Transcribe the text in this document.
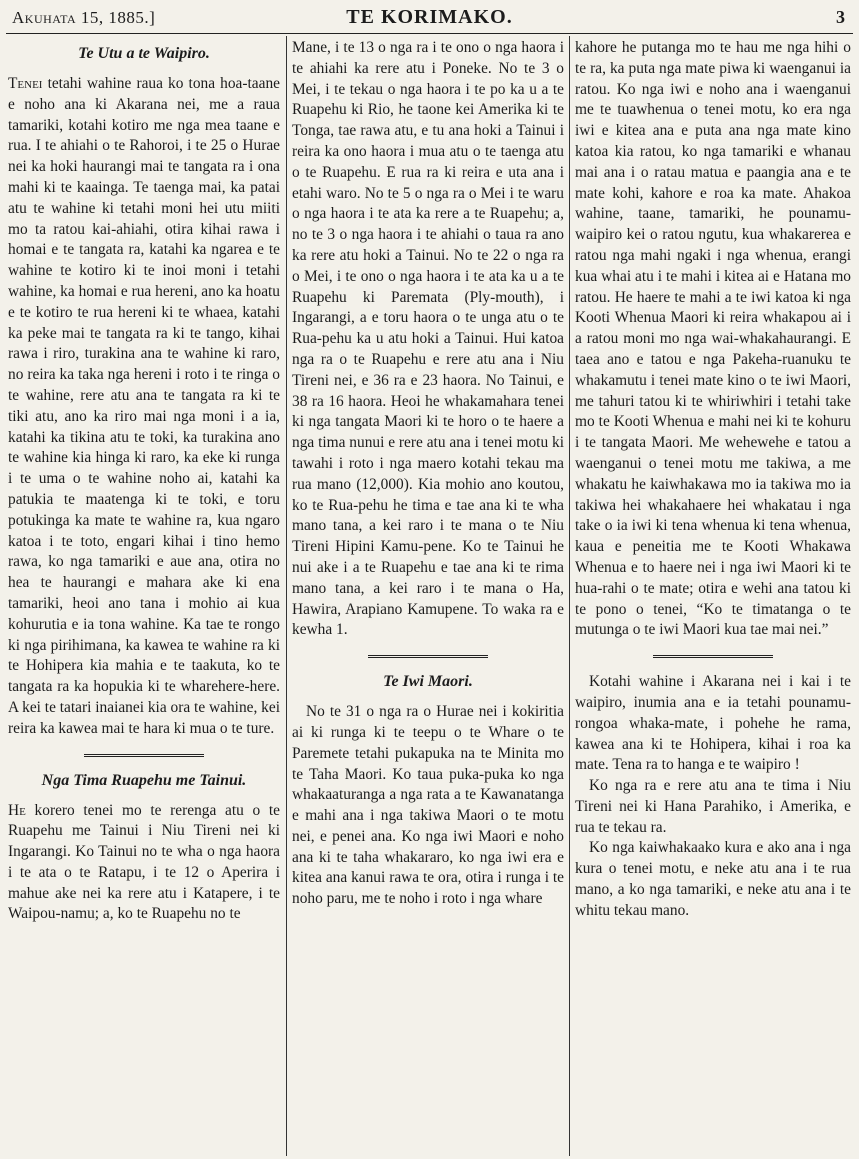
Akuhata 15, 1885.]	TE KORIMAKO.	3
Te Utu a te Waipiro.

Tenei tetahi wahine raua ko tona hoa-taane e noho ana ki Akarana nei, me a raua tamariki, kotahi kotiro me nga mea taane e rua. I te ahiahi o te Rahoroi, i te 25 o Hurae nei ka hoki haurangi mai te tangata ra i ona mahi ki te kaainga. Te taenga mai, ka patai atu te wahine ki tetahi moni hei utu miiti mo ta ratou kai-ahiahi, otira kihai rawa i homai e te tangata ra, katahi ka ngarea e te wahine te kotiro ki te inoi moni i tetahi wahine, ka homai e rua hereni, ano ka hoatu e te kotiro te rua hereni ki te whaea, katahi ka peke mai te tangata ra ki te tango, kihai rawa i riro, turakina ana te wahine ki raro, no reira ka taka nga hereni i roto i te ringa o te wahine, rere atu ana te tangata ra ki te tiki atu, ano ka riro mai nga moni i a ia, katahi ka tikina atu te toki, ka turakina ano te wahine kia hinga ki raro, ka eke ki runga i te uma o te wahine noho ai, katahi ka patukia te maatenga ki te toki, e toru potukinga ka mate te wahine ra, kua ngaro katoa i te toto, engari kihai i tino hemo rawa, ko nga tamariki e aue ana, otira no hea te haurangi e mahara ake ki ena tamariki, heoi ano tana i mohio ai kua kohurutia e ia tona wahine. Ka tae te rongo ki nga pirihimana, ka kawea te wahine ra ki te Hohipera kia mahia e te taakuta, ko te tangata ra ka hopukia ki te wharehere-here. A kei te tatari inaianei kia ora te wahine, kei reira ka kawea mai te hara ki mua o te ture.

Nga Tima Ruapehu me Tainui.

He korero tenei mo te rerenga atu o te Ruapehu me Tainui i Niu Tireni nei ki Ingarangi. Ko Tainui no te wha o nga haora i te ata o te Ratapu, i te 12 o Aperira i mahue ake nei ka rere atu i Katapere, i te Waipou-namu; a, ko te Ruapehu no te

Mane, i te 13 o nga ra i te ono o nga haora i te ahiahi ka rere atu i Poneke. No te 3 o Mei, i te tekau o nga haora i te po ka u a te Ruapehu ki Rio, he taone kei Amerika ki te Tonga, tae rawa atu, e tu ana hoki a Tainui i reira ka ono haora i mua atu o te taenga atu o te Ruapehu. E rua ra ki reira e uta ana i etahi waro. No te 5 o nga ra o Mei i te waru o nga haora i te ata ka rere a te Ruapehu; a, no te 3 o nga haora i te ahiahi o taua ra ano ka rere atu hoki a Tainui. No te 22 o nga ra o Mei, i te ono o nga haora i te ata ka u a te Ruapehu ki Paremata (Ply-mouth), i Ingarangi, a e toru haora o te unga atu o te Rua-pehu ka u atu hoki a Tainui. Hui katoa nga ra o te Ruapehu e rere atu ana i Niu Tireni nei, e 36 ra e 23 haora. No Tainui, e 38 ra 16 haora. Heoi he whakamahara tenei ki nga tangata Maori ki te horo o te haere a nga tima nunui e rere atu ana i tenei motu ki tawahi i roto i nga maero kotahi tekau ma rua mano (12,000). Kia mohio ano koutou, ko te Rua-pehu he tima e tae ana ki te wha mano tana, a kei raro i te mana o te Niu Tireni Hipini Kamu-pene. Ko te Tainui he nui ake i a te Ruapehu e tae ana ki te rima mano tana, a kei raro i te mana o Ha, Hawira, Arapiano Kamupene. To waka ra e kewha 1.

Te Iwi Maori.

No te 31 o nga ra o Hurae nei i kokiritia ai ki runga ki te teepu o te Whare o te Paremete tetahi pukapuka na te Minita mo te Taha Maori. Ko taua puka-puka ko nga whakaaturanga a nga rata a te Kawanatanga e mahi ana i nga takiwa Maori o te motu nei, e penei ana. Ko nga iwi Maori e noho ana ki te taha whakararo, ko nga iwi era e kitea ana kanui rawa te ora, otira i runga i te noho paru, me te noho i roto i nga whare

kahore he putanga mo te hau me nga hihi o te ra, ka puta nga mate piwa ki waenganui ia ratou. Ko nga iwi e noho ana i waenganui me te tuawhenua o tenei motu, ko era nga iwi e kitea ana e puta ana nga mate kino katoa kia ratou, ko nga tamariki e whanau mai ana i o ratau matua e paangia ana e te mate kohi, kahore e roa ka mate. Ahakoa wahine, taane, tamariki, he pounamu-waipiro kei o ratou ngutu, kua whakarerea e ratou nga mahi ngaki i nga whenua, erangi kua whai atu i te mahi i kitea ai e Hatana mo ratou. He haere te mahi a te iwi katoa ki nga Kooti Whenua Maori ki reira whakapou ai i a ratou moni mo nga wai-whakahaurangi. E taea ano e tatou e nga Pakeha-ruanuku te whakamutu i tenei mate kino o te iwi Maori, me tahuri tatou ki te whiriwhiri i tetahi take mo te Kooti Whenua e mahi nei ki te kohuru i te tangata Maori. Me wehewehe e tatou a waenganui o tenei motu me takiwa, a me whakatu he kaiwhakawa mo ia takiwa mo ia takiwa hei whakahaere hei whakatau i nga take o ia iwi ki tena whenua ki tena whenua, kaua e peneitia me te Kooti Whakawa Whenua e to haere nei i nga iwi Maori ki te hua-rahi o te mate; otira e wehi ana tatou ki te pono o tenei, “Ko te timatanga o te mutunga o te iwi Maori kua tae mai nei.”

Kotahi wahine i Akarana nei i kai i te waipiro, inumia ana e ia tetahi pounamu-rongoa whaka-mate, i pohehe he rama, kawea ana ki te Hohipera, kihai i roa ka mate. Tena ra to hanga e te waipiro !

Ko nga ra e rere atu ana te tima i Niu Tireni nei ki Hana Parahiko, i Amerika, e rua te tekau ra.

Ko nga kaiwhakaako kura e ako ana i nga kura o tenei motu, e neke atu ana i te rua mano, a ko nga tamariki, e neke atu ana i te whitu tekau mano.
